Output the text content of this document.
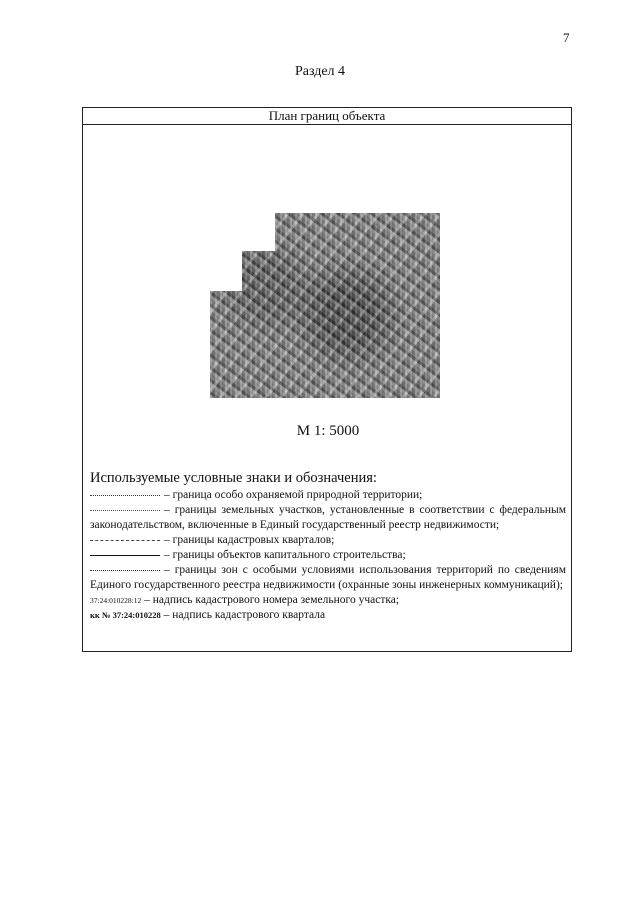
7
Раздел 4
План границ объекта
М 1: 5000
Используемые условные знаки и обозначения:
– граница особо охраняемой природной территории;
– границы земельных участков, установленные в соответствии с федеральным законодательством, включенные в Единый государственный реестр недвижимости;
– границы кадастровых кварталов;
– границы объектов капитального строительства;
– границы зон с особыми условиями использования территорий по сведениям Единого государственного реестра недвижимости (охранные зоны инженерных коммуникаций);
37:24:010228:12 – надпись кадастрового номера земельного участка;
кк № 37:24:010228 – надпись кадастрового квартала
